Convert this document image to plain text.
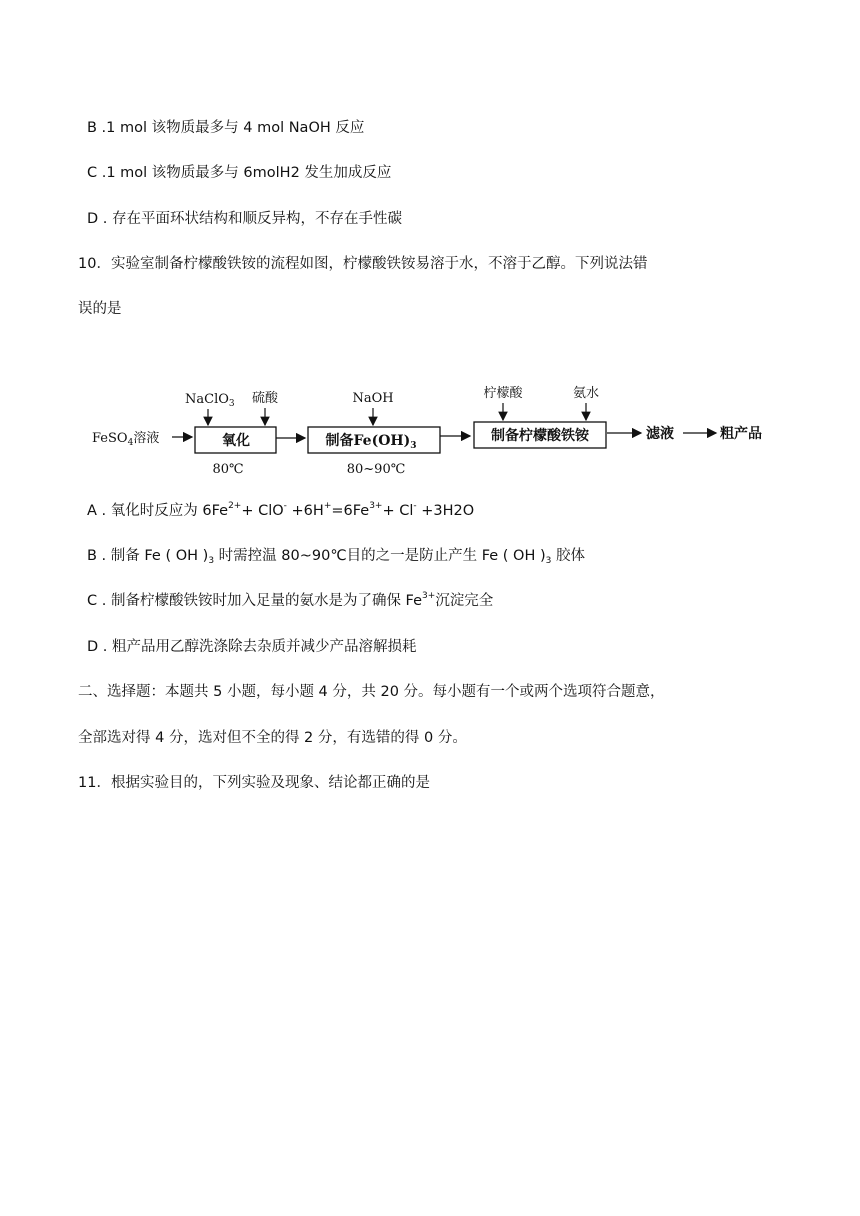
B .1 mol 该物质最多与 4 mol NaOH 反应
C .1 mol 该物质最多与 6molH2 发生加成反应
D . 存在平面环状结构和顺反异构，不存在手性碳
10．实验室制备柠檬酸铁铵的流程如图，柠檬酸铁铵易溶于水，不溶于乙醇。下列说法错
误的是
FeSO$_4$溶液
NaClO$_3$ 硫酸
氧化
80℃
NaOH
制备$Fe(OH)_3$
80~90℃
柠檬酸	氨水
制备柠檬酸铁铵	滤液	粗产品
A . 氧化时反应为 $6Fe^{2+}+ ClO^- +6H^+=6Fe^{3+}+ Cl^- +3H2O$
B . 制备 Fe ( OH )$_3$ 时需控温 80~90℃目的之一是防止产生 Fe ( OH )$_3$ 胶体
C . 制备柠檬酸铁铵时加入足量的氨水是为了确保 $Fe^{3+}$沉淀完全
D . 粗产品用乙醇洗涤除去杂质并减少产品溶解损耗
二、选择题：本题共 5 小题，每小题 4 分，共 20 分。每小题有一个或两个选项符合题意，
全部选对得 4 分，选对但不全的得 2 分，有选错的得 0 分。
11．根据实验目的，下列实验及现象、结论都正确的是
